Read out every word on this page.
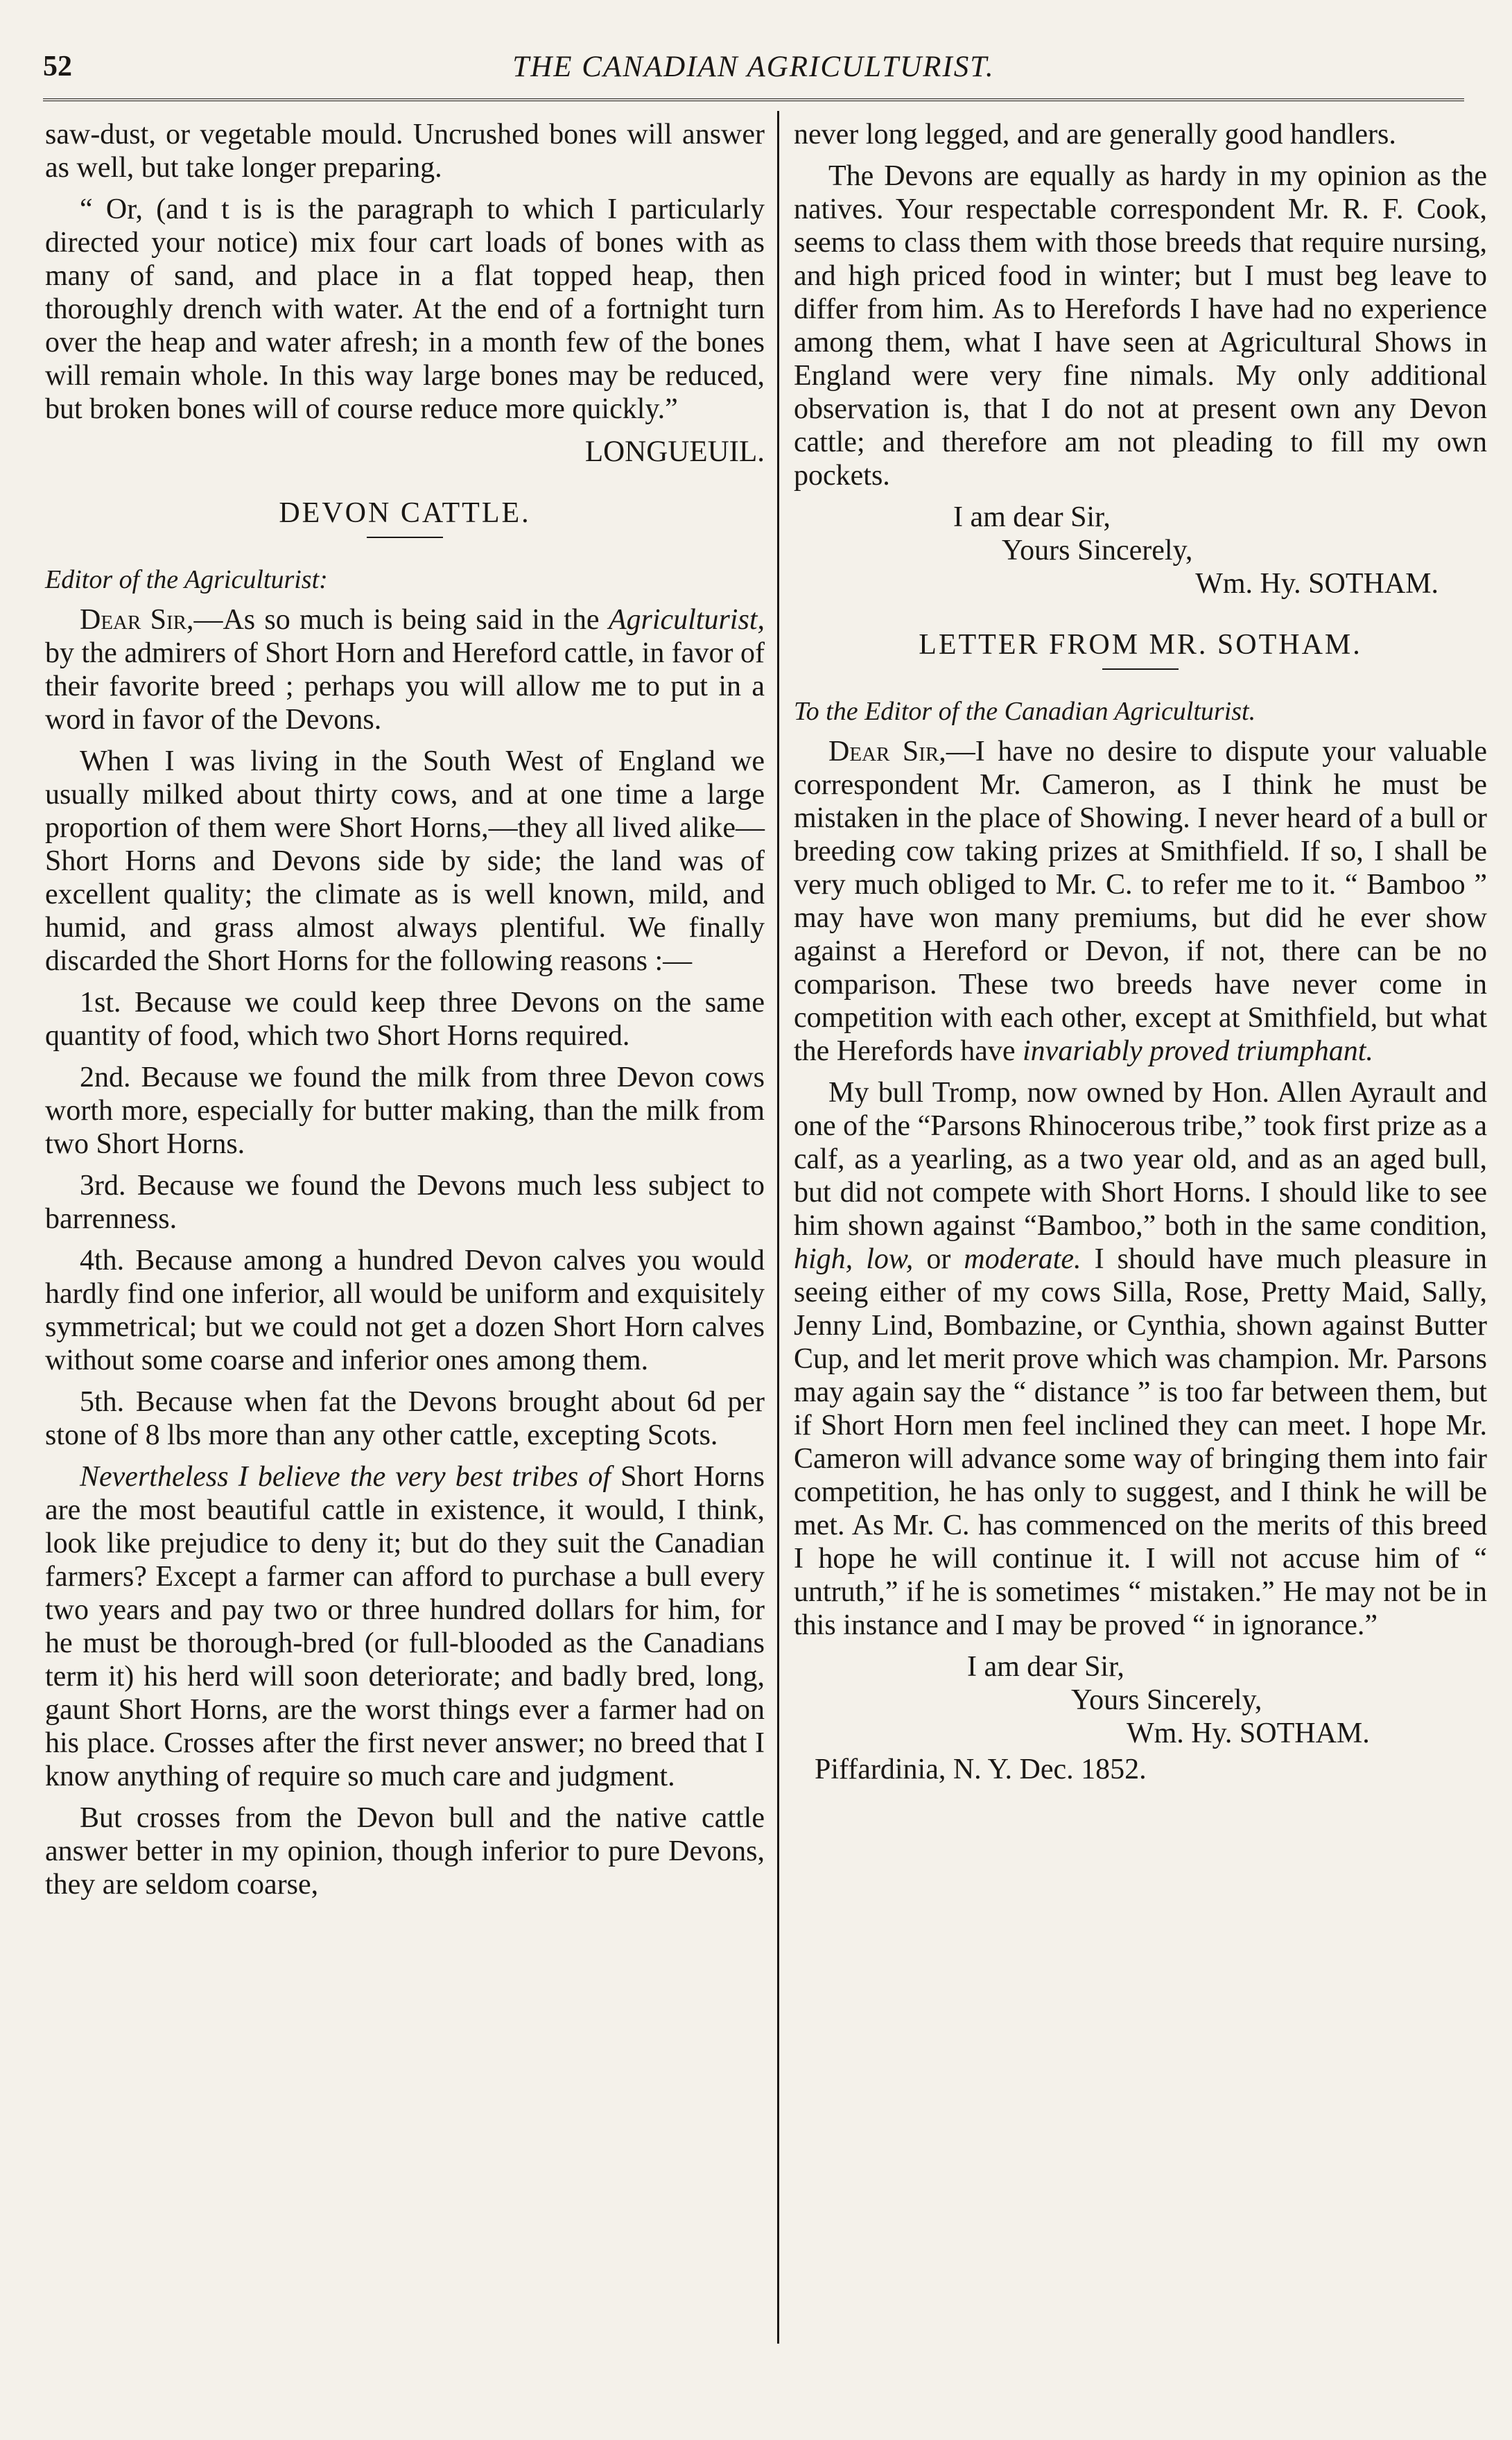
52	THE CANADIAN AGRICULTURIST.

saw-dust, or vegetable mould. Uncrushed bones will answer as well, but take longer preparing.

“ Or, (and t is is the paragraph to which I particularly directed your notice) mix four cart loads of bones with as many of sand, and place in a flat topped heap, then thoroughly drench with water. At the end of a fortnight turn over the heap and water afresh; in a month few of the bones will remain whole. In this way large bones may be reduced, but broken bones will of course reduce more quickly.”

LONGUEUIL.
DEVON CATTLE.

Editor of the Agriculturist:

Dear Sir,—As so much is being said in the Agriculturist, by the admirers of Short Horn and Hereford cattle, in favor of their favorite breed ; perhaps you will allow me to put in a word in favor of the Devons.

When I was living in the South West of England we usually milked about thirty cows, and at one time a large proportion of them were Short Horns,—they all lived alike—Short Horns and Devons side by side; the land was of excellent quality; the climate as is well known, mild, and humid, and grass almost always plentiful. We finally discarded the Short Horns for the following reasons :—

1st. Because we could keep three Devons on the same quantity of food, which two Short Horns required.

2nd. Because we found the milk from three Devon cows worth more, especially for butter making, than the milk from two Short Horns.

3rd. Because we found the Devons much less subject to barrenness.

4th. Because among a hundred Devon calves you would hardly find one inferior, all would be uniform and exquisitely symmetrical; but we could not get a dozen Short Horn calves without some coarse and inferior ones among them.

5th. Because when fat the Devons brought about 6d per stone of 8 lbs more than any other cattle, excepting Scots.

Nevertheless I believe the very best tribes of Short Horns are the most beautiful cattle in existence, it would, I think, look like prejudice to deny it; but do they suit the Canadian farmers? Except a farmer can afford to purchase a bull every two years and pay two or three hundred dollars for him, for he must be thorough-bred (or full-blooded as the Canadians term it) his herd will soon deteriorate; and badly bred, long, gaunt Short Horns, are the worst things ever a farmer had on his place. Crosses after the first never answer; no breed that I know anything of require so much care and judgment.

But crosses from the Devon bull and the native cattle answer better in my opinion, though inferior to pure Devons, they are seldom coarse,

never long legged, and are generally good handlers.

The Devons are equally as hardy in my opinion as the natives. Your respectable correspondent Mr. R. F. Cook, seems to class them with those breeds that require nursing, and high priced food in winter; but I must beg leave to differ from him. As to Herefords I have had no experience among them, what I have seen at Agricultural Shows in England were very fine nimals. My only additional observation is, that I do not at present own any Devon cattle; and therefore am not pleading to fill my own pockets.

I am dear Sir,
Yours Sincerely,
Wm. Hy. SOTHAM.
LETTER FROM MR. SOTHAM.

To the Editor of the Canadian Agriculturist.

Dear Sir,—I have no desire to dispute your valuable correspondent Mr. Cameron, as I think he must be mistaken in the place of Showing. I never heard of a bull or breeding cow taking prizes at Smithfield. If so, I shall be very much obliged to Mr. C. to refer me to it. “ Bamboo ” may have won many premiums, but did he ever show against a Hereford or Devon, if not, there can be no comparison. These two breeds have never come in competition with each other, except at Smithfield, but what the Herefords have invariably proved triumphant.

My bull Tromp, now owned by Hon. Allen Ayrault and one of the “Parsons Rhinocerous tribe,” took first prize as a calf, as a yearling, as a two year old, and as an aged bull, but did not compete with Short Horns. I should like to see him shown against “Bamboo,” both in the same condition, high, low, or moderate. I should have much pleasure in seeing either of my cows Silla, Rose, Pretty Maid, Sally, Jenny Lind, Bombazine, or Cynthia, shown against Butter Cup, and let merit prove which was champion. Mr. Parsons may again say the “ distance ” is too far between them, but if Short Horn men feel inclined they can meet. I hope Mr. Cameron will advance some way of bringing them into fair competition, he has only to suggest, and I think he will be met. As Mr. C. has commenced on the merits of this breed I hope he will continue it. I will not accuse him of “ untruth,” if he is sometimes “ mistaken.” He may not be in this instance and I may be proved “ in ignorance.”

I am dear Sir,
Yours Sincerely,
Wm. Hy. SOTHAM.
Piffardinia, N. Y. Dec. 1852.
